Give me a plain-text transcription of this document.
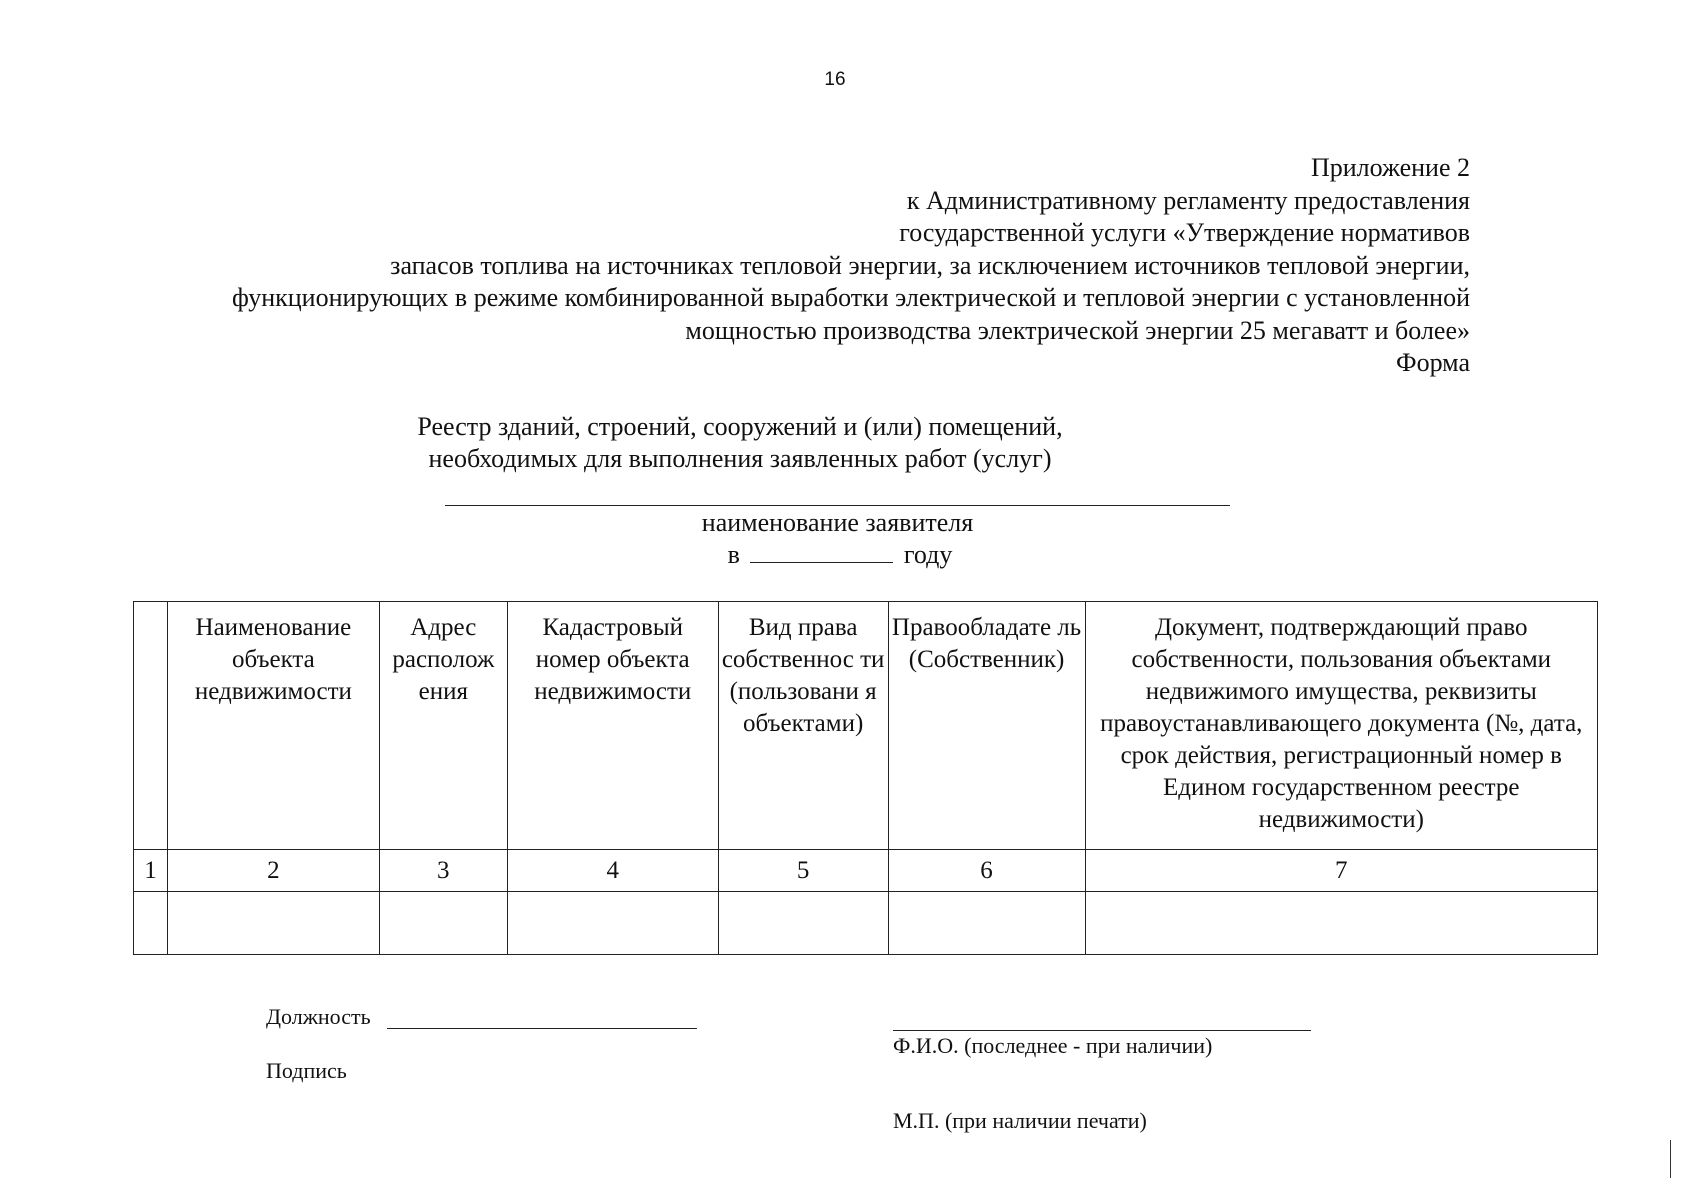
16
Приложение 2
к Административному регламенту предоставления
государственной услуги «Утверждение нормативов
запасов топлива на источниках тепловой энергии, за исключением источников тепловой энергии,
функционирующих в режиме комбинированной выработки электрической и тепловой энергии с установленной
мощностью производства электрической энергии 25 мегаватт и более»
Форма
Реестр зданий, строений, сооружений и (или) помещений,
необходимых для выполнения заявленных работ (услуг)
наименование заявителя
в	году
	Наименование объекта недвижимости	Адрес располож ения	Кадастровый номер объекта недвижимости	Вид права собственнос ти (пользовани я объектами)	Правообладате ль (Собственник)	Документ, подтверждающий право собственности, пользования объектами недвижимого имущества, реквизиты правоустанавливающего документа (№, дата, срок действия, регистрационный номер в Едином государственном реестре недвижимости)
1	2	3	4	5	6	7

Должность
Ф.И.О. (последнее - при наличии)
Подпись
М.П. (при наличии печати)
